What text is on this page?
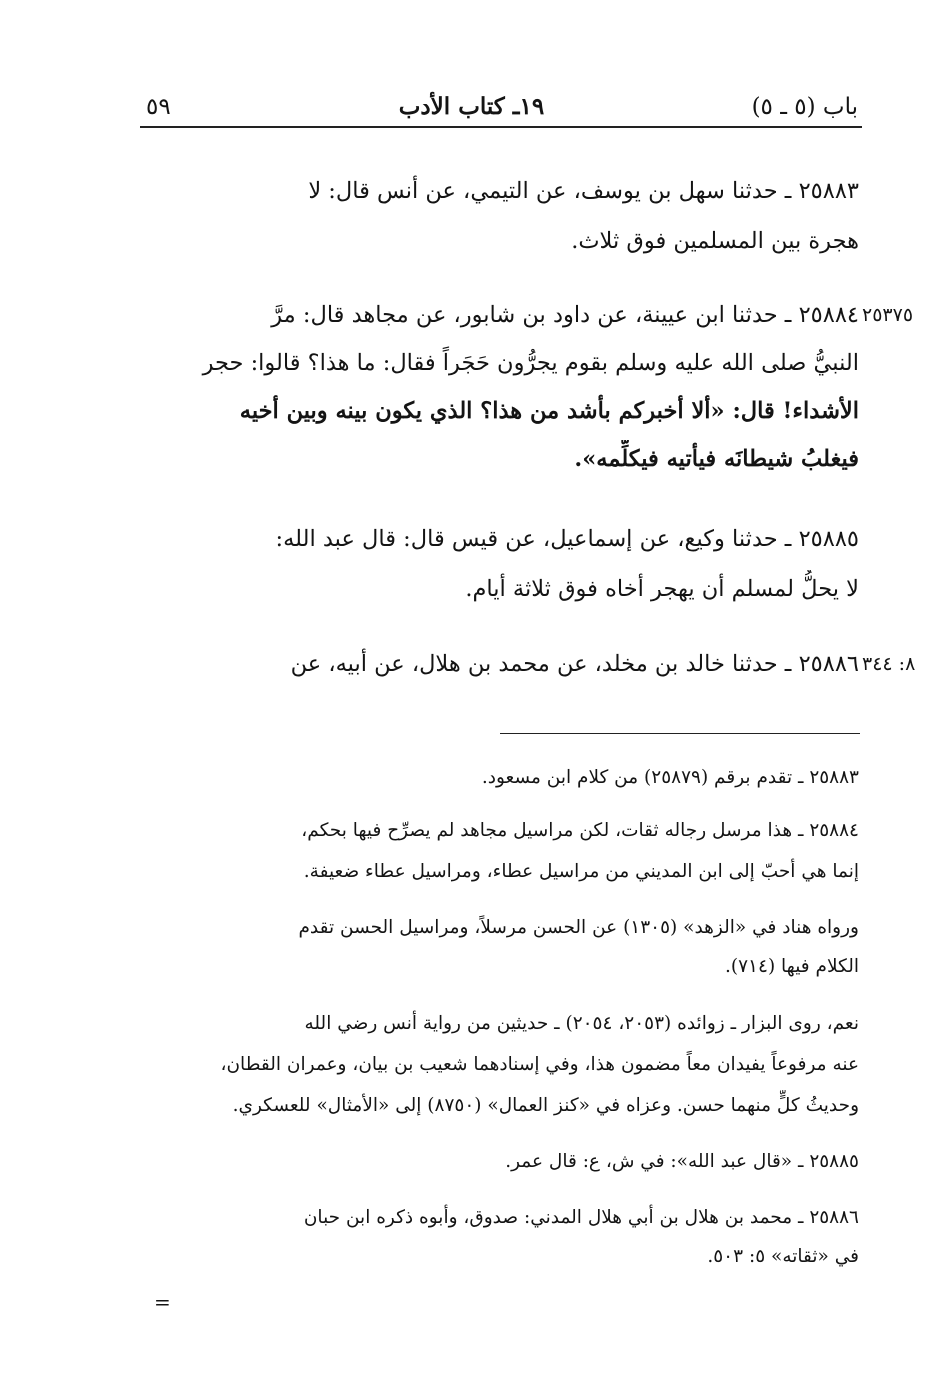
٥٩	١٩ـ كتاب الأدب	باب (٥ ـ ٥)
٢٥٨٨٣ ـ حدثنا سهل بن يوسف، عن التيمي، عن أنس قال: لا
هجرة بين المسلمين فوق ثلاث.
٢٥٨٨٤ ـ حدثنا ابن عيينة، عن داود بن شابور، عن مجاهد قال: مرَّ
النبيُّ صلى الله عليه وسلم بقوم يجرُّون حَجَراً فقال: ما هذا؟ قالوا: حجر
الأشداء! قال: «ألا أخبركم بأشد من هذا؟ الذي يكون بينه وبين أخيه
فيغلبُ شيطانَه فيأتيه فيكلِّمه».
٢٥٨٨٥ ـ حدثنا وكيع، عن إسماعيل، عن قيس قال: قال عبد الله:
لا يحلُّ لمسلم أن يهجر أخاه فوق ثلاثة أيام.
٢٥٨٨٦ ـ حدثنا خالد بن مخلد، عن محمد بن هلال، عن أبيه، عن
٢٥٣٧٥
٨: ٣٤٤
٢٥٨٨٣ ـ تقدم برقم (٢٥٨٧٩) من كلام ابن مسعود.
٢٥٨٨٤ ـ هذا مرسل رجاله ثقات، لكن مراسيل مجاهد لم يصرِّح فيها بحكم،
إنما هي أحبّ إلى ابن المديني من مراسيل عطاء، ومراسيل عطاء ضعيفة.
ورواه هناد في «الزهد» (١٣٠٥) عن الحسن مرسلاً، ومراسيل الحسن تقدم
الكلام فيها (٧١٤).
نعم، روى البزار ـ زوائده (٢٠٥٣، ٢٠٥٤) ـ حديثين من رواية أنس رضي الله
عنه مرفوعاً يفيدان معاً مضمون هذا، وفي إسنادهما شعيب بن بيان، وعمران القطان،
وحديثُ كلٍّ منهما حسن. وعزاه في «كنز العمال» (٨٧٥٠) إلى «الأمثال» للعسكري.
٢٥٨٨٥ ـ «قال عبد الله»: في ش، ع: قال عمر.
٢٥٨٨٦ ـ محمد بن هلال بن أبي هلال المدني: صدوق، وأبوه ذكره ابن حبان
في «ثقاته» ٥: ٥٠٣.
=
